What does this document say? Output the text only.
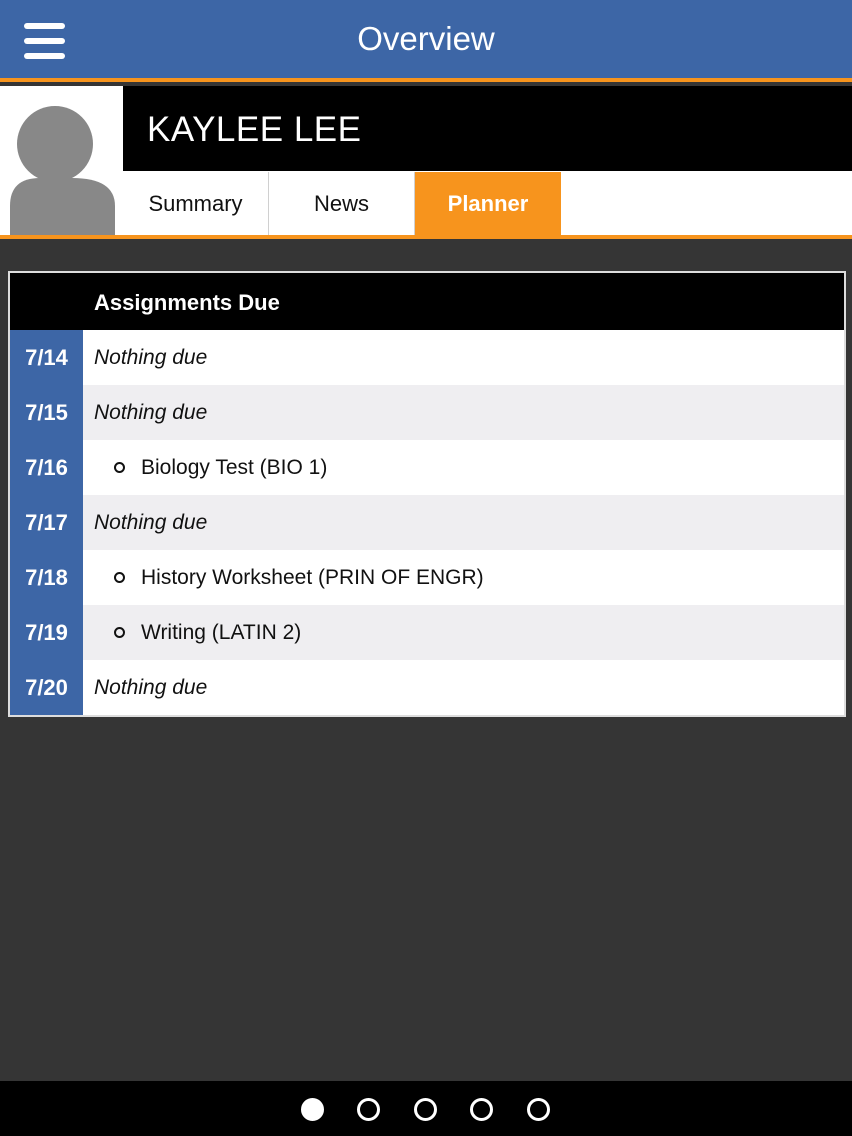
Overview
KAYLEE LEE
Summary	News	Planner
Assignments Due
7/14	Nothing due
7/15	Nothing due
7/16	Biology Test (BIO 1)
7/17	Nothing due
7/18	History Worksheet (PRIN OF ENGR)
7/19	Writing (LATIN 2)
7/20	Nothing due
